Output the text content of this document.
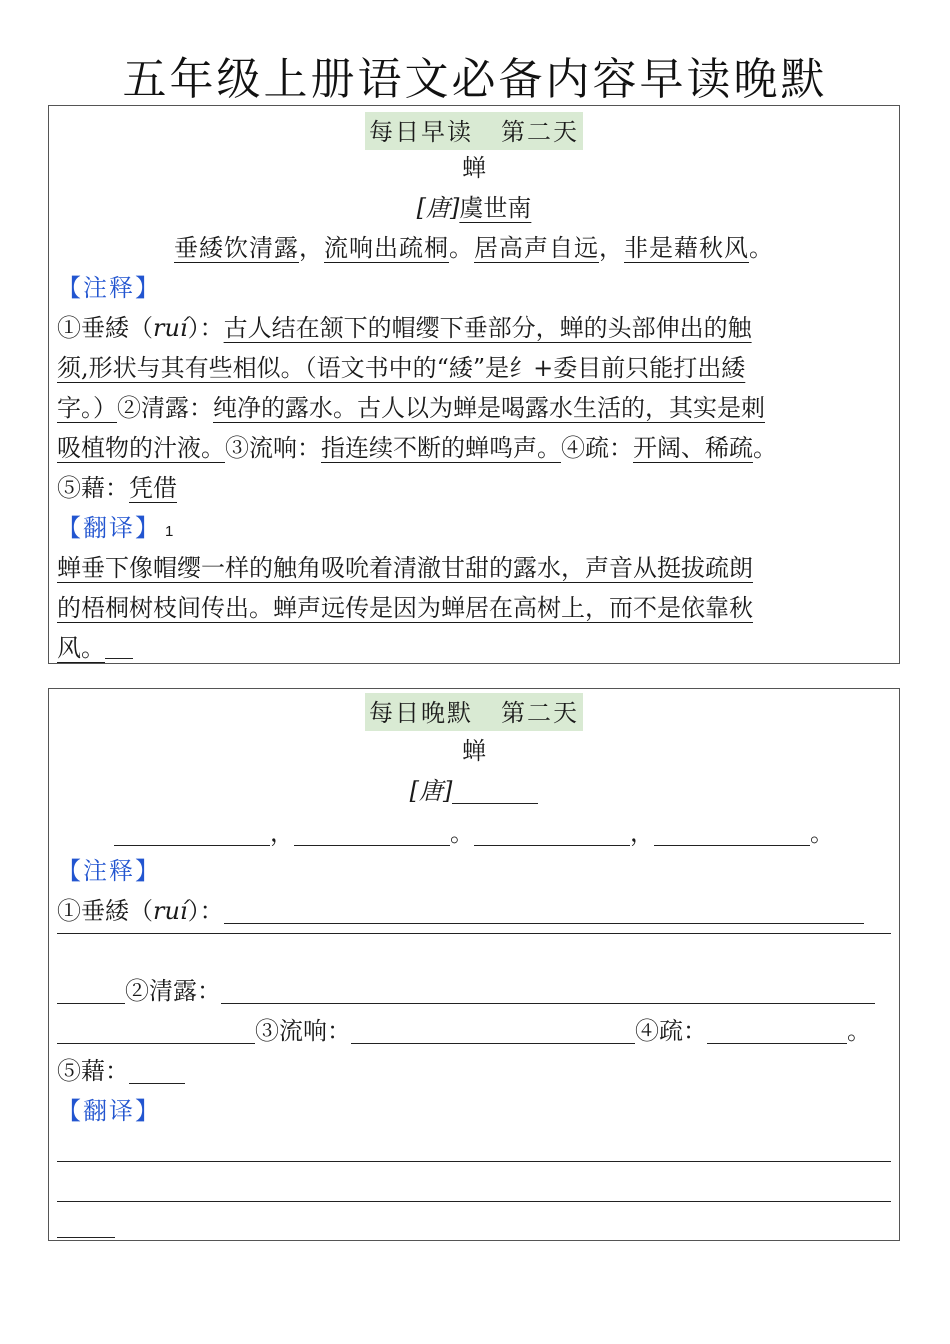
五年级上册语文必备内容早读晚默
每日早读 第二天
蝉
[唐]虞世南
垂緌饮清露，流响出疏桐。居高声自远，非是藉秋风。
【注释】
①垂緌（ruí）：古人结在颔下的帽缨下垂部分，蝉的头部伸出的触
须,形状与其有些相似。（语文书中的“緌”是纟+委目前只能打出緌
字。）②清露：纯净的露水。古人以为蝉是喝露水生活的，其实是刺
吸植物的汁液。③流响：指连续不断的蝉鸣声。④疏：开阔、稀疏。
⑤藉：凭借
【翻译】 1
蝉垂下像帽缨一样的触角吸吮着清澈甘甜的露水，声音从挺拔疏朗
的梧桐树枝间传出。蝉声远传是因为蝉居在高树上，而不是依靠秋
风。
每日晚默 第二天
蝉
[唐]
，	。	，	。
【注释】
①垂緌（ruí）：
②清露：
③流响：	④疏：	。
⑤藉：
【翻译】
